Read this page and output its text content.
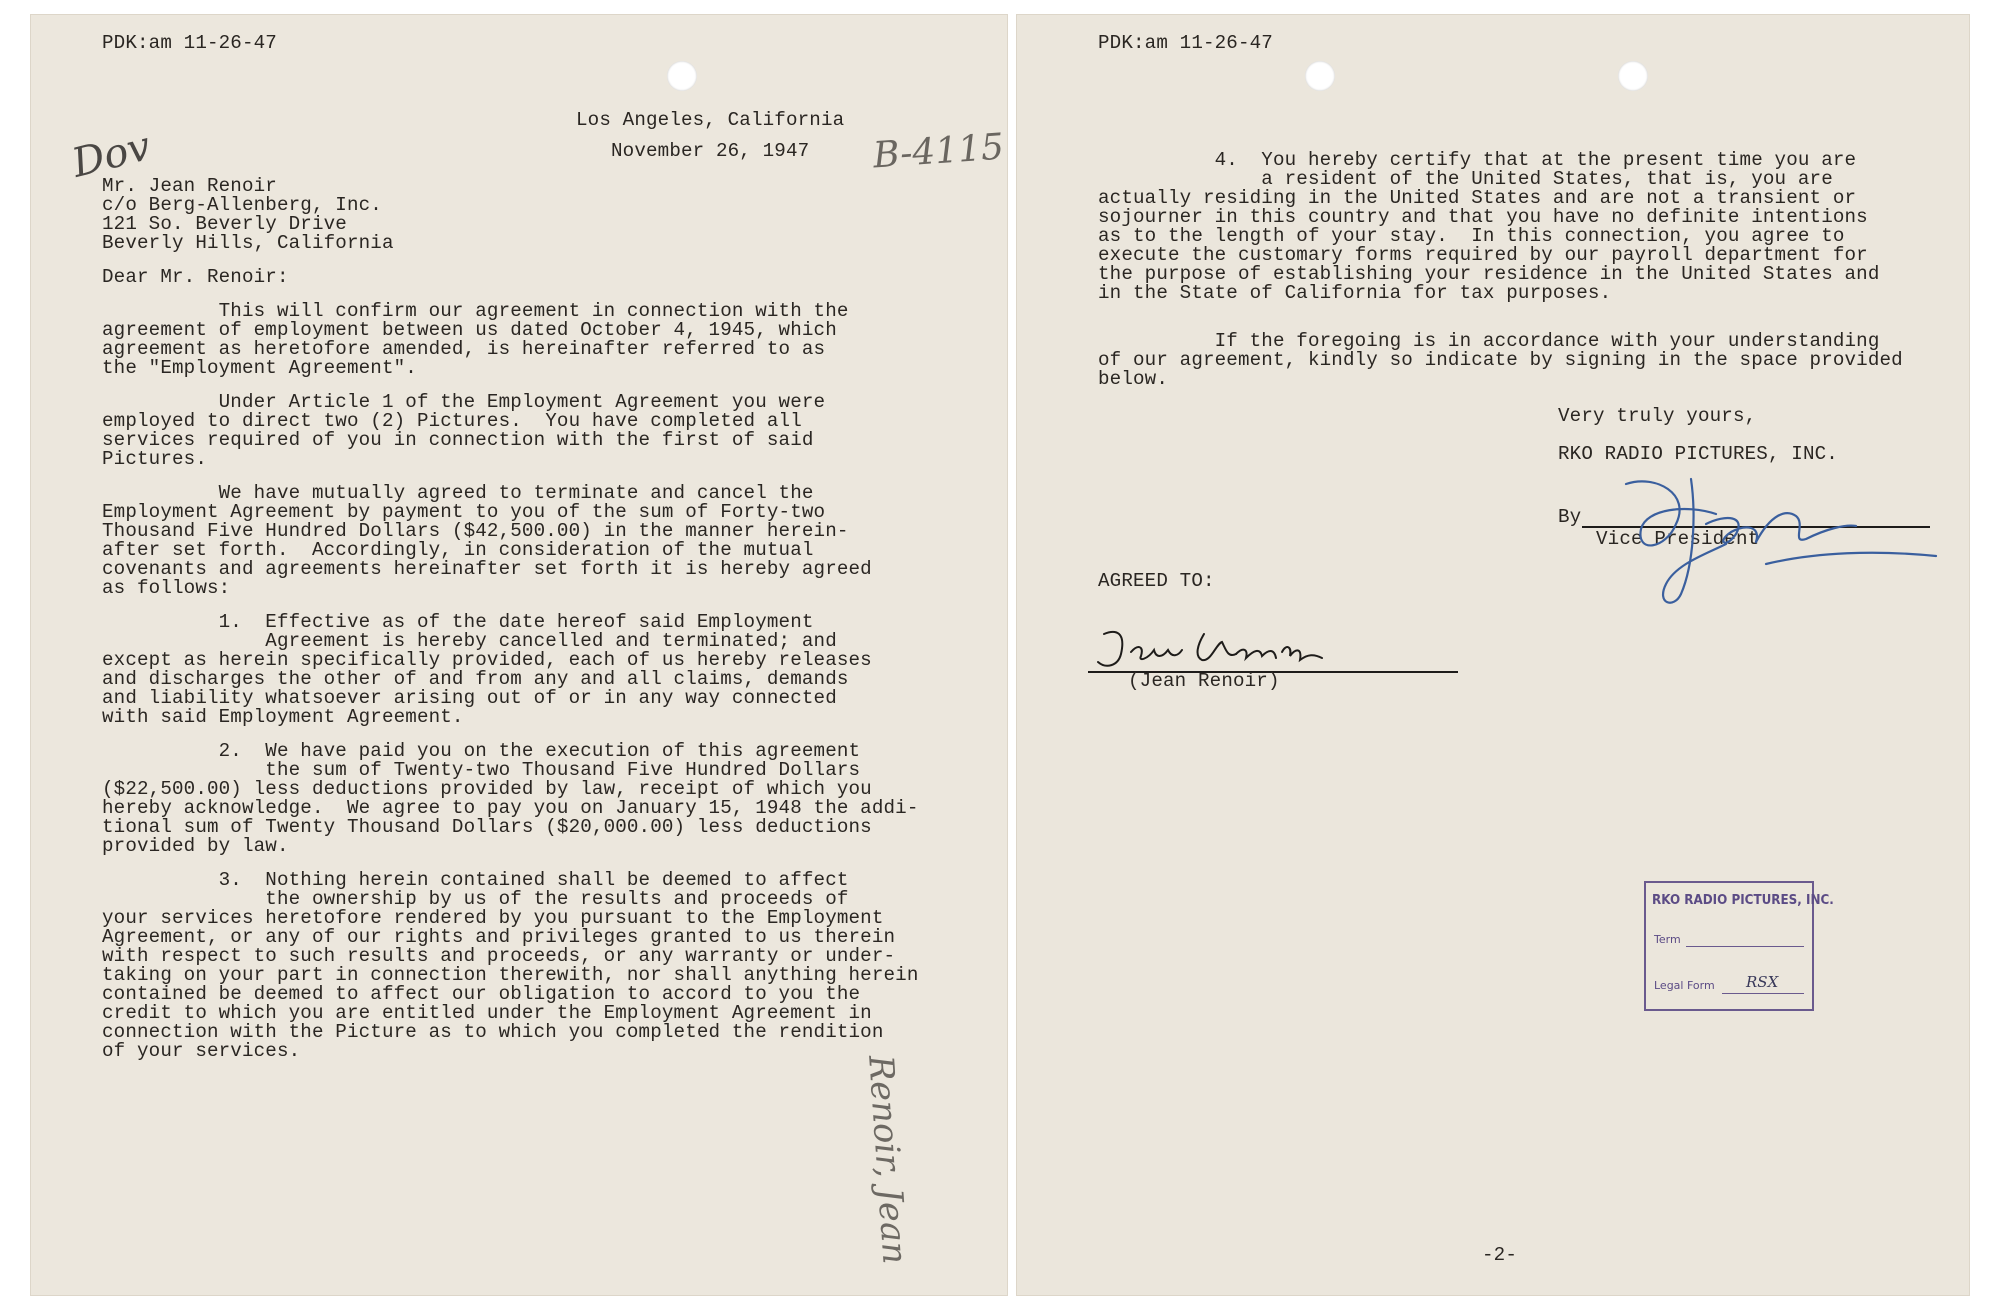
PDK:am 11-26-47

Dov

Los Angeles, California

November 26, 1947 B-4115

Mr. Jean Renoir

c/o Berg-Allenberg, Inc.

121 So. Beverly Drive

Beverly Hills, California

Dear Mr. Renoir:

This will confirm our agreement in connection with the

agreement of employment between us dated October 4, 1945, which

agreement as heretofore amended, is hereinafter referred to as

the "Employment Agreement".

Under Article 1 of the Employment Agreement you were

employed to direct two (2) Pictures.  You have completed all

services required of you in connection with the first of said

Pictures.

We have mutually agreed to terminate and cancel the

Employment Agreement by payment to you of the sum of Forty-two

Thousand Five Hundred Dollars ($42,500.00) in the manner herein-

after set forth.  Accordingly, in consideration of the mutual

covenants and agreements hereinafter set forth it is hereby agreed

as follows:

1.  Effective as of the date hereof said Employment

Agreement is hereby cancelled and terminated; and

except as herein specifically provided, each of us hereby releases

and discharges the other of and from any and all claims, demands

and liability whatsoever arising out of or in any way connected

with said Employment Agreement.

2.  We have paid you on the execution of this agreement

the sum of Twenty-two Thousand Five Hundred Dollars

($22,500.00) less deductions provided by law, receipt of which you

hereby acknowledge.  We agree to pay you on January 15, 1948 the addi-

tional sum of Twenty Thousand Dollars ($20,000.00) less deductions

provided by law.

3.  Nothing herein contained shall be deemed to affect

the ownership by us of the results and proceeds of

your services heretofore rendered by you pursuant to the Employment

Agreement, or any of our rights and privileges granted to us therein

with respect to such results and proceeds, or any warranty or under-

taking on your part in connection therewith, nor shall anything herein

contained be deemed to affect our obligation to accord to you the

credit to which you are entitled under the Employment Agreement in

connection with the Picture as to which you completed the rendition

of your services.

Renoir, Jean

PDK:am 11-26-47

4.  You hereby certify that at the present time you are

a resident of the United States, that is, you are

actually residing in the United States and are not a transient or

sojourner in this country and that you have no definite intentions

as to the length of your stay.  In this connection, you agree to

execute the customary forms required by our payroll department for

the purpose of establishing your residence in the United States and

in the State of California for tax purposes.

If the foregoing is in accordance with your understanding

of our agreement, kindly so indicate by signing in the space provided

below.

Very truly yours,

RKO RADIO PICTURES, INC.

By

Vice President

AGREED TO:

(Jean Renoir)

RKO RADIO PICTURES, INC.
Term
Legal Form RSX

-2-
